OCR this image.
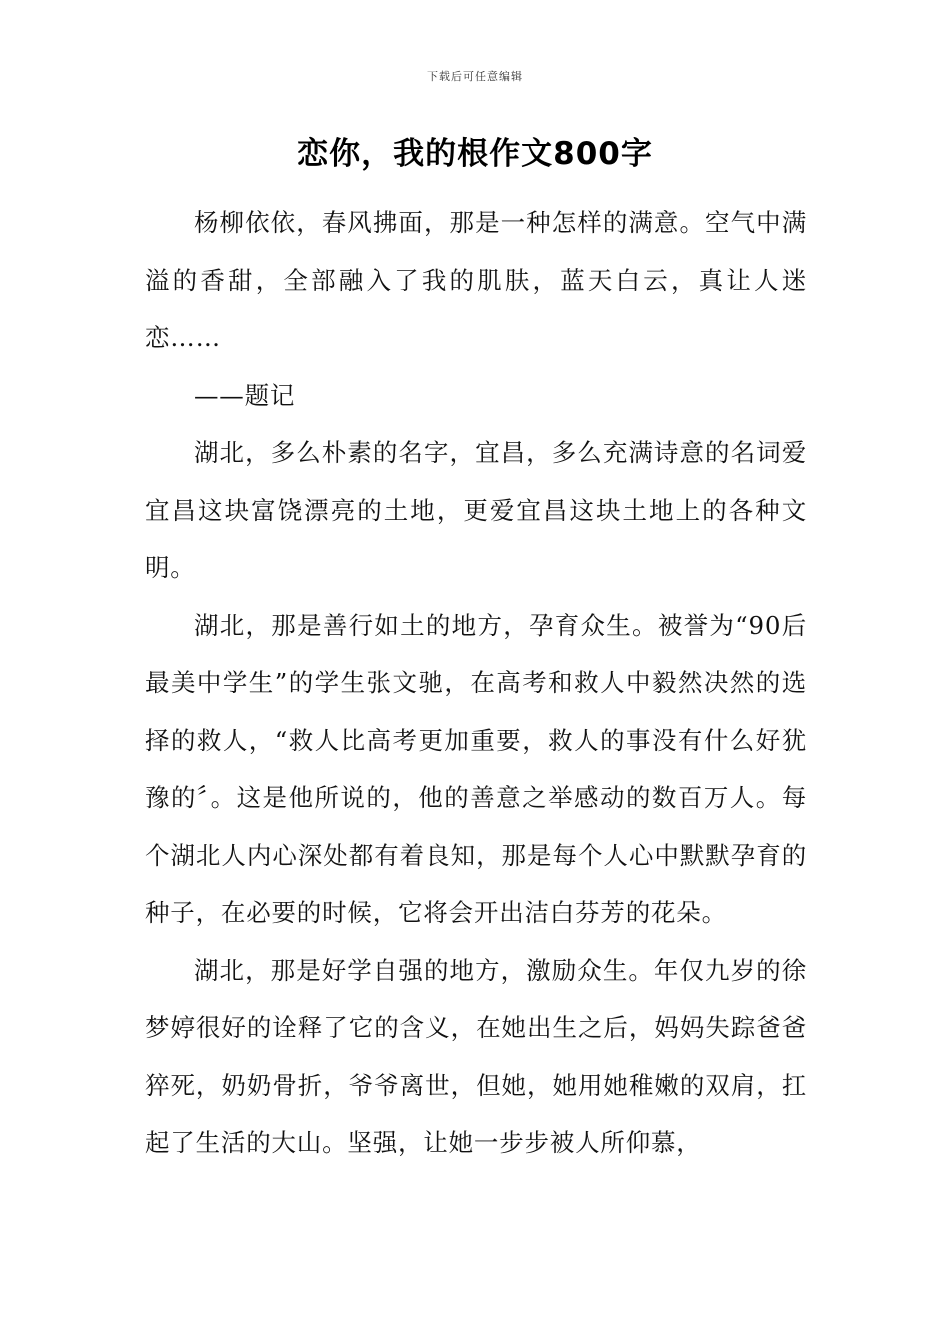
下载后可任意编辑
恋你，我的根作文800字

杨柳依依，春风拂面，那是一种怎样的满意。空气中满溢的香甜，全部融入了我的肌肤，蓝天白云，真让人迷恋……

——题记

湖北，多么朴素的名字，宜昌，多么充满诗意的名词爱宜昌这块富饶漂亮的土地，更爱宜昌这块土地上的各种文明。

湖北，那是善行如土的地方，孕育众生。被誉为“90后最美中学生”的学生张文驰，在高考和救人中毅然决然的选择的救人，“救人比高考更加重要，救人的事没有什么好犹豫的〞。这是他所说的，他的善意之举感动的数百万人。每个湖北人内心深处都有着良知，那是每个人心中默默孕育的种子，在必要的时候，它将会开出洁白芬芳的花朵。

湖北，那是好学自强的地方，激励众生。年仅九岁的徐梦婷很好的诠释了它的含义，在她出生之后，妈妈失踪爸爸猝死，奶奶骨折，爷爷离世，但她，她用她稚嫩的双肩，扛起了生活的大山。坚强，让她一步步被人所仰慕，
